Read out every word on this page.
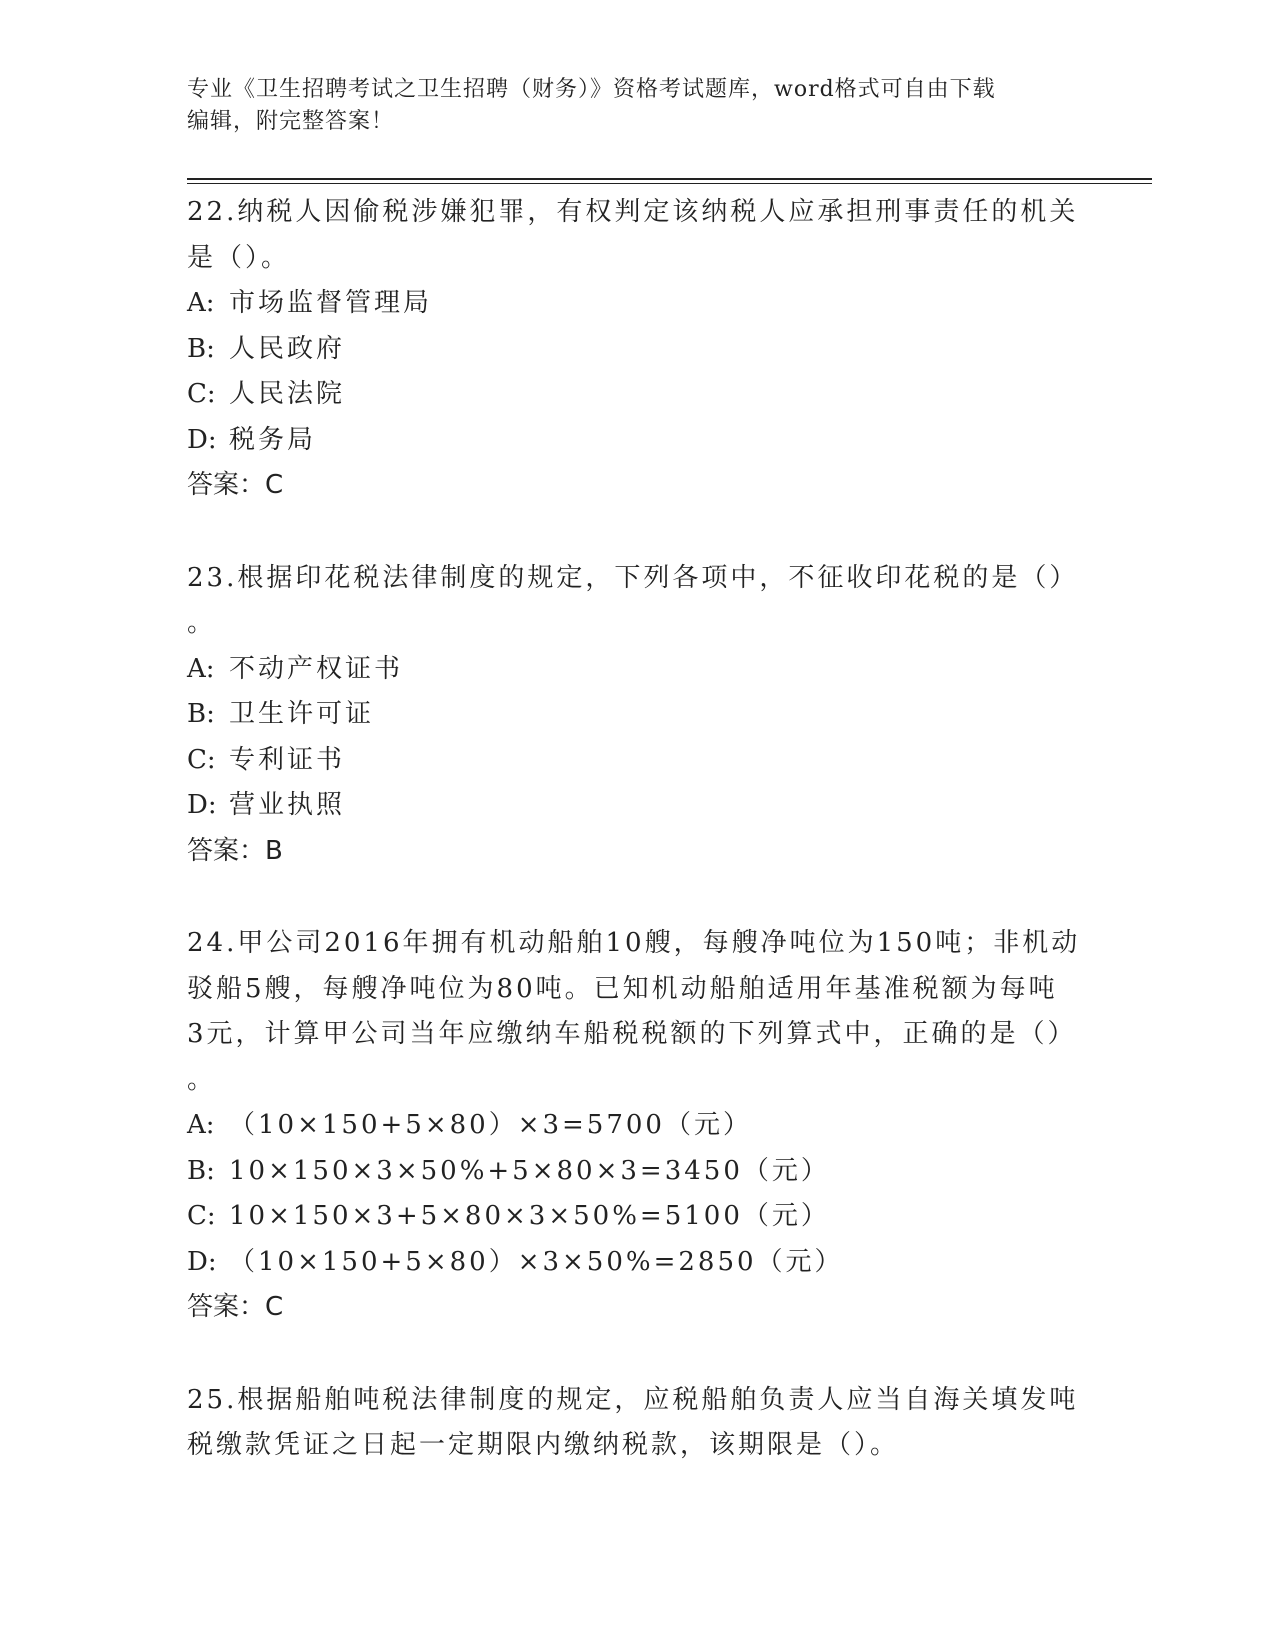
专业《卫生招聘考试之卫生招聘（财务）》资格考试题库，word格式可自由下载
编辑，附完整答案！
22.纳税人因偷税涉嫌犯罪，有权判定该纳税人应承担刑事责任的机关
是（）。
A: 市场监督管理局
B: 人民政府
C: 人民法院
D: 税务局
答案：C
23.根据印花税法律制度的规定，下列各项中，不征收印花税的是（）
。
A: 不动产权证书
B: 卫生许可证
C: 专利证书
D: 营业执照
答案：B
24.甲公司2016年拥有机动船舶10艘，每艘净吨位为150吨；非机动
驳船5艘，每艘净吨位为80吨。已知机动船舶适用年基准税额为每吨
3元，计算甲公司当年应缴纳车船税税额的下列算式中，正确的是（）
。
A: （10×150+5×80）×3=5700（元）
B: 10×150×3×50%+5×80×3=3450（元）
C: 10×150×3+5×80×3×50%=5100（元）
D: （10×150+5×80）×3×50%=2850（元）
答案：C
25.根据船舶吨税法律制度的规定，应税船舶负责人应当自海关填发吨
税缴款凭证之日起一定期限内缴纳税款，该期限是（）。
